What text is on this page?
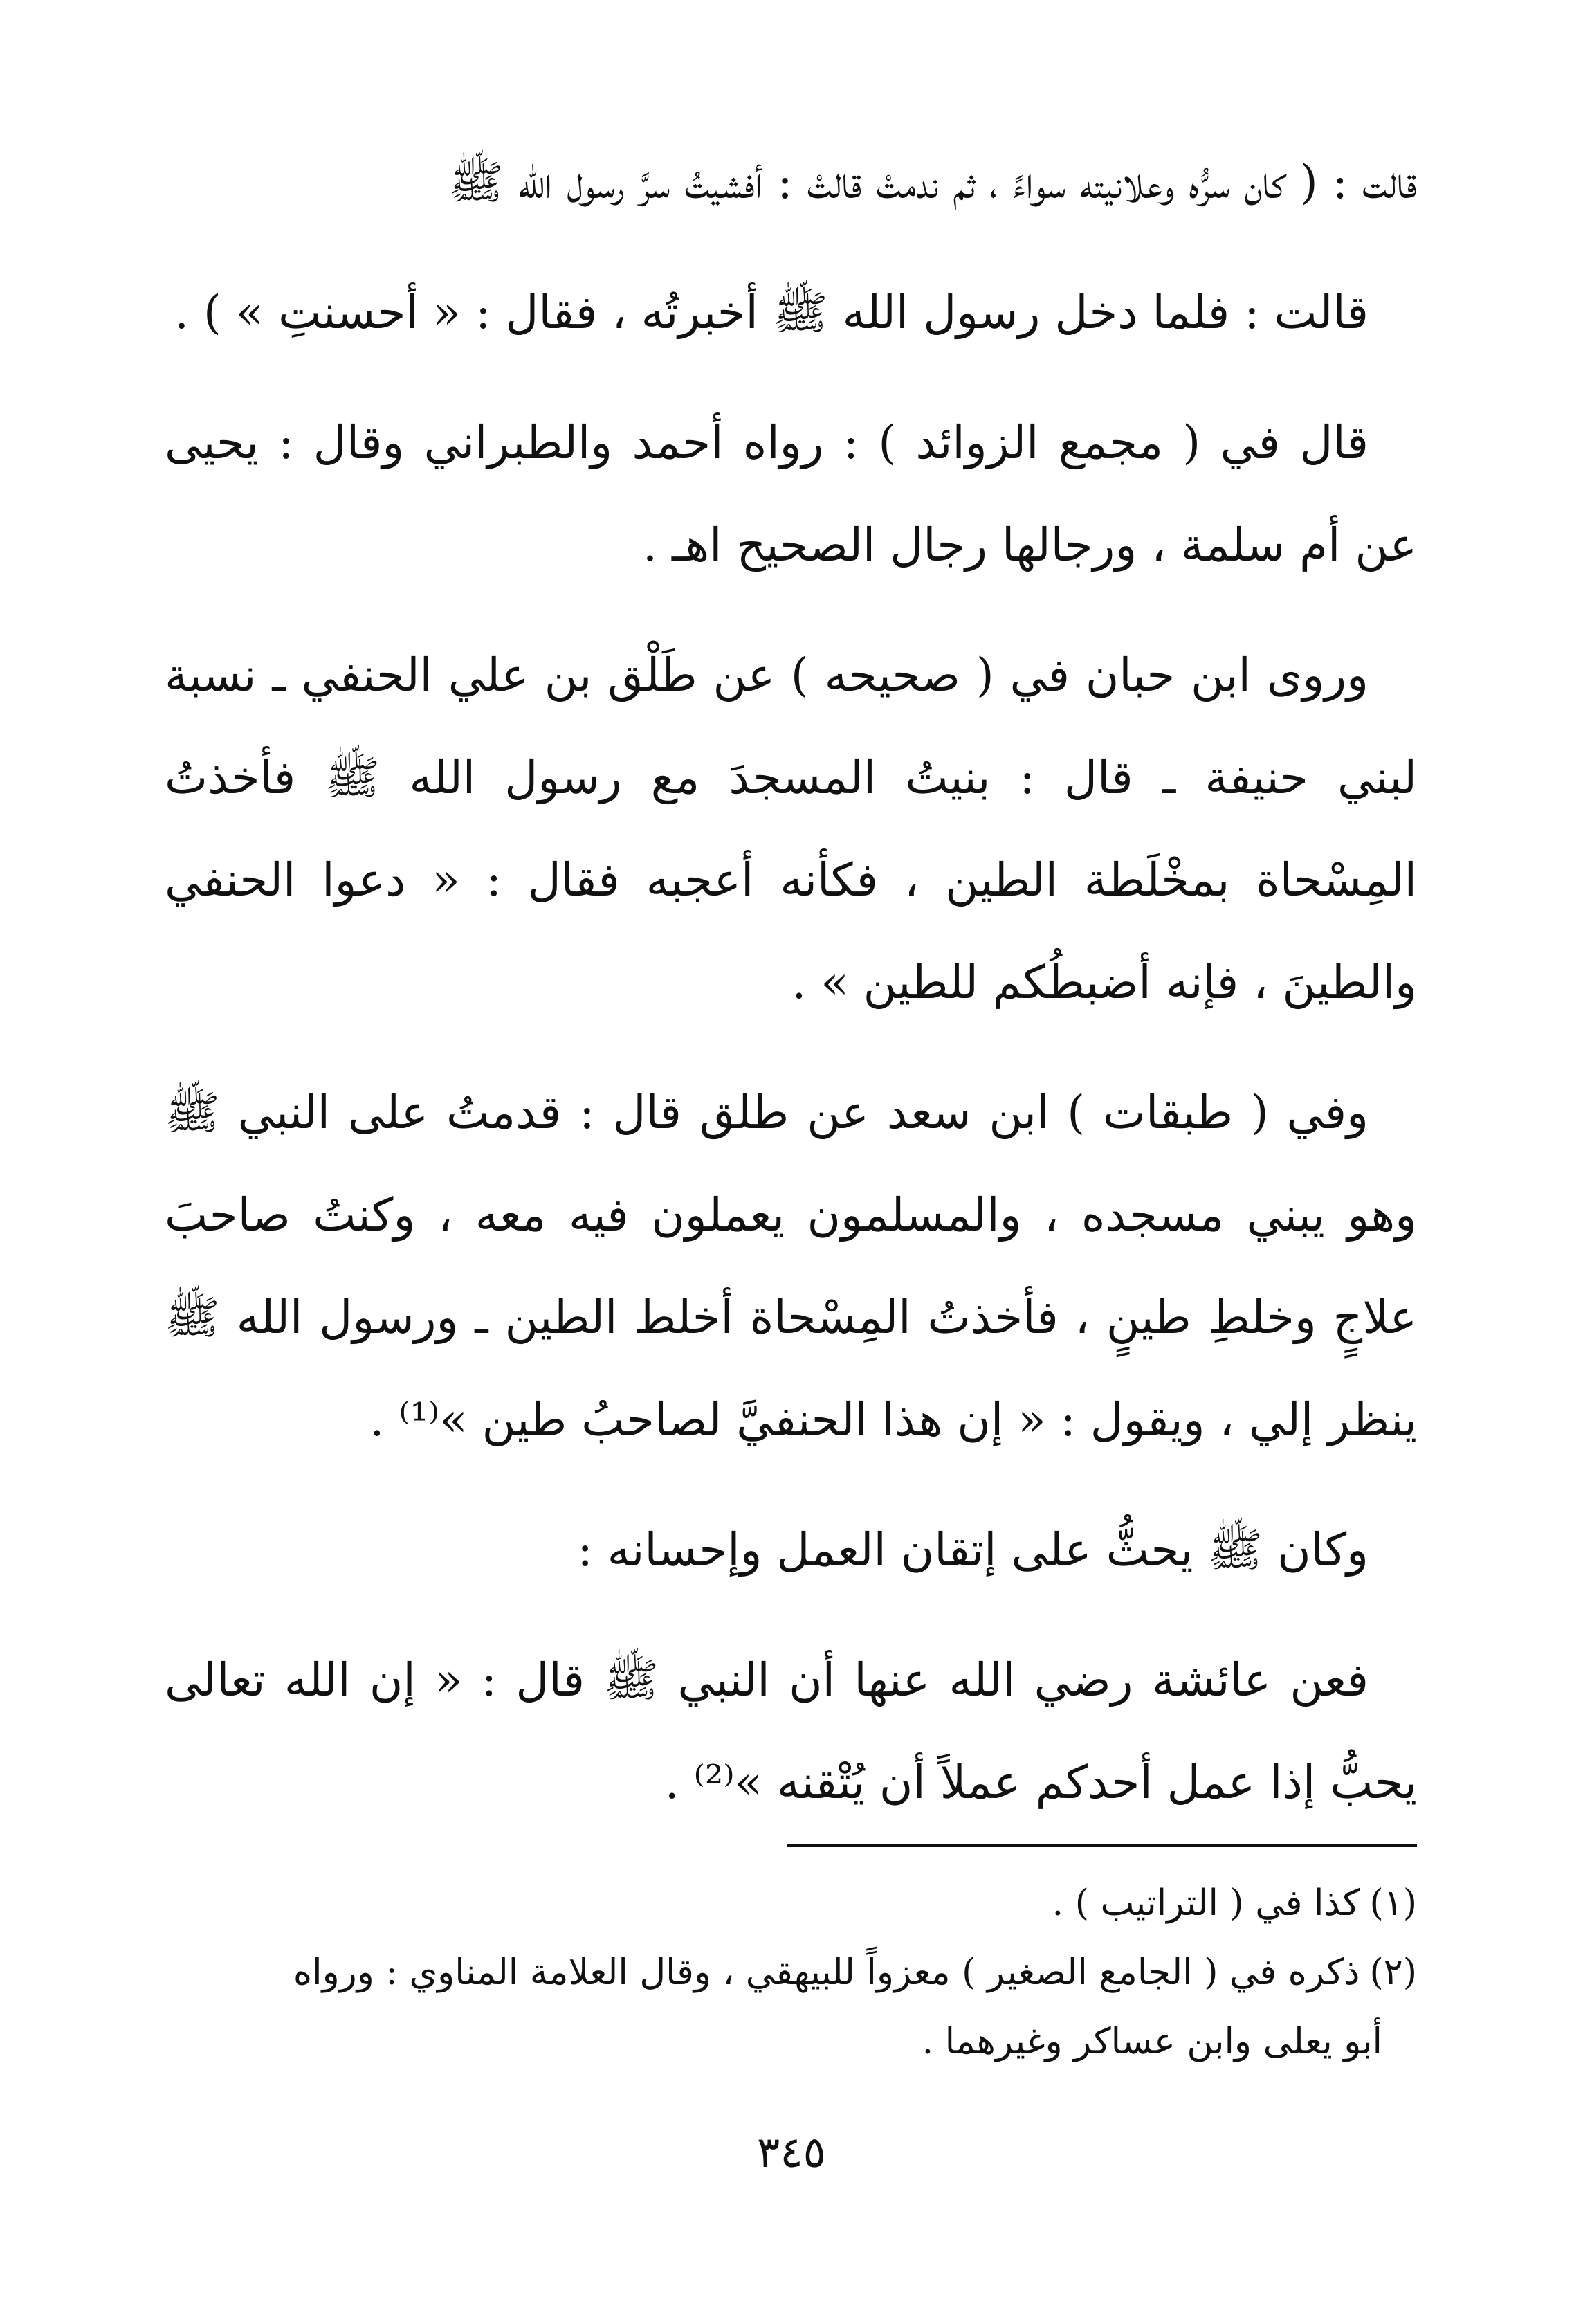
قالت : ( كان سرُّه وعلانيته سواءً ، ثم ندمتْ قالتْ : أفشيتُ سرَّ رسول الله ﷺ

قالت : فلما دخل رسول الله ﷺ أخبرتُه ، فقال : « أحسنتِ » ) .

قال في ( مجمع الزوائد ) : رواه أحمد والطبراني وقال : يحيى عن أم سلمة ، ورجالها رجال الصحيح اهـ .

وروى ابن حبان في ( صحيحه ) عن طَلْق بن علي الحنفي ـ نسبة لبني حنيفة ـ قال : بنيتُ المسجدَ مع رسول الله ﷺ فأخذتُ المِسْحاة بمخْلَطة الطين ، فكأنه أعجبه فقال : « دعوا الحنفي والطينَ ، فإنه أضبطُكم للطين » .

وفي ( طبقات ) ابن سعد عن طلق قال : قدمتُ على النبي ﷺ وهو يبني مسجده ، والمسلمون يعملون فيه معه ، وكنتُ صاحبَ علاجٍ وخلطِ طينٍ ، فأخذتُ المِسْحاة أخلط الطين ـ ورسول الله ﷺ ينظر إلي ، ويقول : « إن هذا الحنفيَّ لصاحبُ طين »⁽¹⁾ .

وكان ﷺ يحثُّ على إتقان العمل وإحسانه :

فعن عائشة رضي الله عنها أن النبي ﷺ قال : « إن الله تعالى يحبُّ إذا عمل أحدكم عملاً أن يُتْقنه »⁽²⁾ .

(١)كذا في ( التراتيب ) .

(٢)ذكره في ( الجامع الصغير ) معزواً للبيهقي ، وقال العلامة المناوي : ورواه

أبو يعلى وابن عساكر وغيرهما .

٣٤٥
